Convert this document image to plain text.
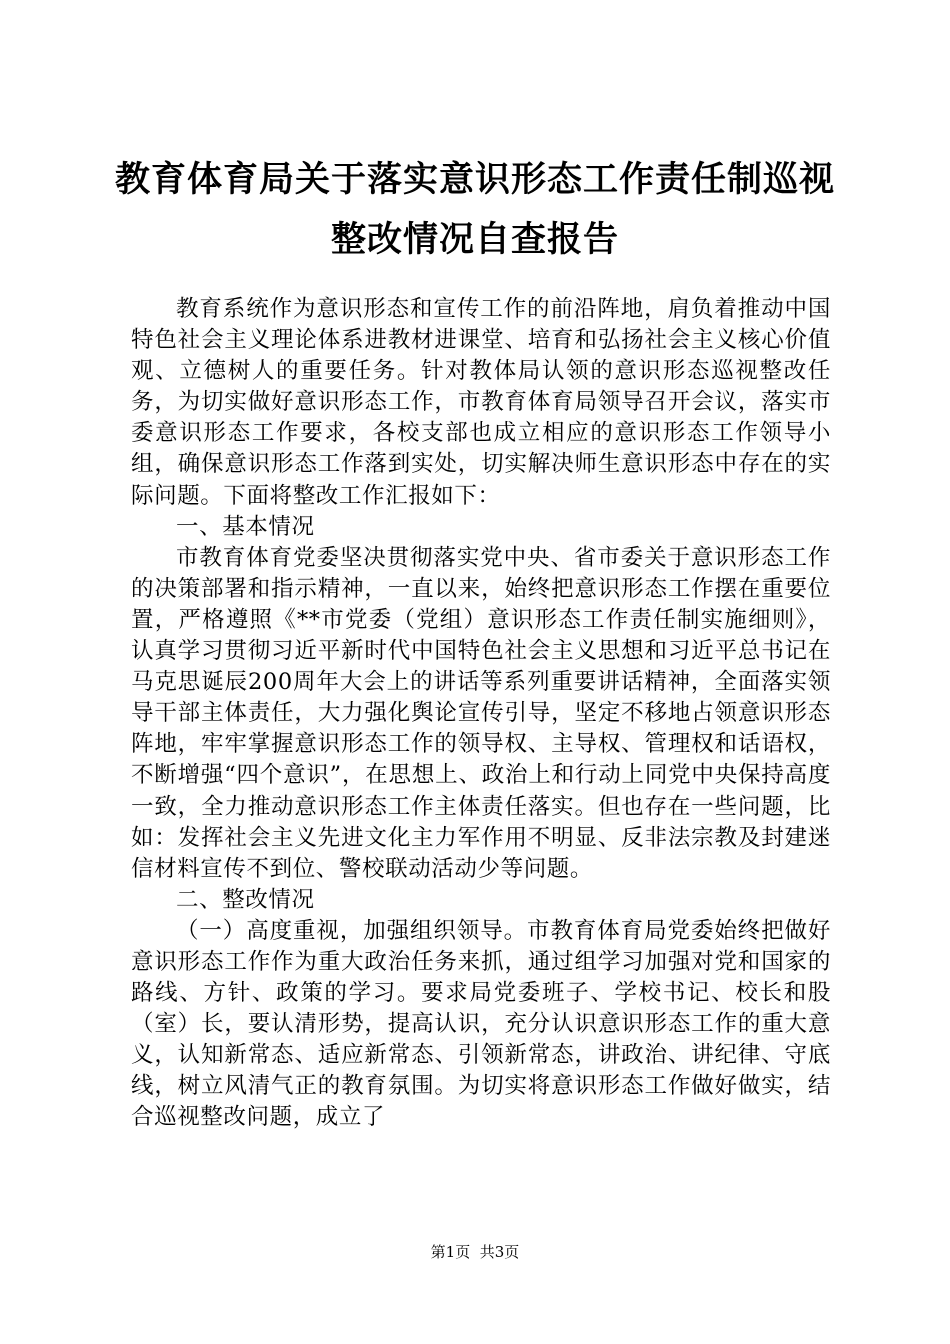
教育体育局关于落实意识形态工作责任制巡视
整改情况自查报告

教育系统作为意识形态和宣传工作的前沿阵地，肩负着推动中国特色社会主义理论体系进教材进课堂、培育和弘扬社会主义核心价值观、立德树人的重要任务。针对教体局认领的意识形态巡视整改任务，为切实做好意识形态工作，市教育体育局领导召开会议，落实市委意识形态工作要求，各校支部也成立相应的意识形态工作领导小组，确保意识形态工作落到实处，切实解决师生意识形态中存在的实际问题。下面将整改工作汇报如下：

一、基本情况

市教育体育党委坚决贯彻落实党中央、省市委关于意识形态工作的决策部署和指示精神，一直以来，始终把意识形态工作摆在重要位置，严格遵照《**市党委（党组）意识形态工作责任制实施细则》，认真学习贯彻习近平新时代中国特色社会主义思想和习近平总书记在马克思诞辰200周年大会上的讲话等系列重要讲话精神，全面落实领导干部主体责任，大力强化舆论宣传引导，坚定不移地占领意识形态阵地，牢牢掌握意识形态工作的领导权、主导权、管理权和话语权，不断增强“四个意识”，在思想上、政治上和行动上同党中央保持高度一致，全力推动意识形态工作主体责任落实。但也存在一些问题，比如：发挥社会主义先进文化主力军作用不明显、反非法宗教及封建迷信材料宣传不到位、警校联动活动少等问题。

二、整改情况

（一）高度重视，加强组织领导。市教育体育局党委始终把做好意识形态工作作为重大政治任务来抓，通过组学习加强对党和国家的路线、方针、政策的学习。要求局党委班子、学校书记、校长和股（室）长，要认清形势，提高认识，充分认识意识形态工作的重大意义，认知新常态、适应新常态、引领新常态，讲政治、讲纪律、守底线，树立风清气正的教育氛围。为切实将意识形态工作做好做实，结合巡视整改问题，成立了

第1页 共3页
